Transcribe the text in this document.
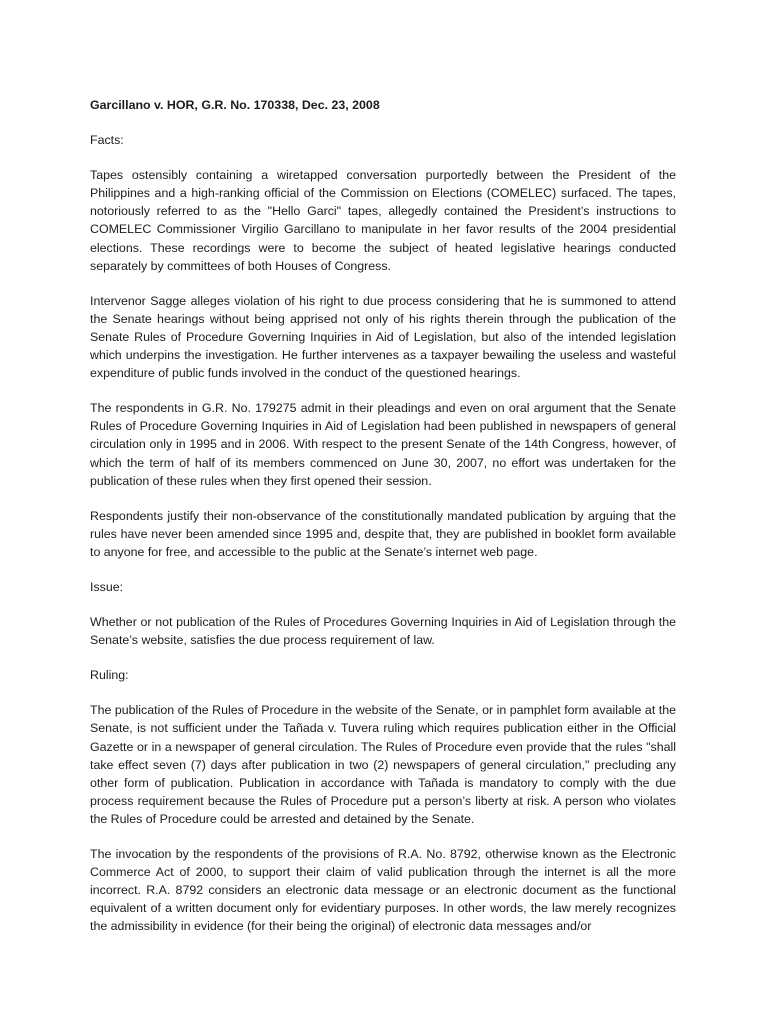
Garcillano v. HOR, G.R. No. 170338, Dec. 23, 2008

Facts:

Tapes ostensibly containing a wiretapped conversation purportedly between the President of the Philippines and a high-ranking official of the Commission on Elections (COMELEC) surfaced. The tapes, notoriously referred to as the "Hello Garci" tapes, allegedly contained the President’s instructions to COMELEC Commissioner Virgilio Garcillano to manipulate in her favor results of the 2004 presidential elections. These recordings were to become the subject of heated legislative hearings conducted separately by committees of both Houses of Congress.

Intervenor Sagge alleges violation of his right to due process considering that he is summoned to attend the Senate hearings without being apprised not only of his rights therein through the publication of the Senate Rules of Procedure Governing Inquiries in Aid of Legislation, but also of the intended legislation which underpins the investigation. He further intervenes as a taxpayer bewailing the useless and wasteful expenditure of public funds involved in the conduct of the questioned hearings.

The respondents in G.R. No. 179275 admit in their pleadings and even on oral argument that the Senate Rules of Procedure Governing Inquiries in Aid of Legislation had been published in newspapers of general circulation only in 1995 and in 2006. With respect to the present Senate of the 14th Congress, however, of which the term of half of its members commenced on June 30, 2007, no effort was undertaken for the publication of these rules when they first opened their session.

Respondents justify their non-observance of the constitutionally mandated publication by arguing that the rules have never been amended since 1995 and, despite that, they are published in booklet form available to anyone for free, and accessible to the public at the Senate’s internet web page.

Issue:

Whether or not publication of the Rules of Procedures Governing Inquiries in Aid of Legislation through the Senate’s website, satisfies the due process requirement of law.

Ruling:

The publication of the Rules of Procedure in the website of the Senate, or in pamphlet form available at the Senate, is not sufficient under the Tañada v. Tuvera ruling which requires publication either in the Official Gazette or in a newspaper of general circulation. The Rules of Procedure even provide that the rules "shall take effect seven (7) days after publication in two (2) newspapers of general circulation," precluding any other form of publication. Publication in accordance with Tañada is mandatory to comply with the due process requirement because the Rules of Procedure put a person’s liberty at risk. A person who violates the Rules of Procedure could be arrested and detained by the Senate.

The invocation by the respondents of the provisions of R.A. No. 8792, otherwise known as the Electronic Commerce Act of 2000, to support their claim of valid publication through the internet is all the more incorrect. R.A. 8792 considers an electronic data message or an electronic document as the functional equivalent of a written document only for evidentiary purposes. In other words, the law merely recognizes the admissibility in evidence (for their being the original) of electronic data messages and/or
